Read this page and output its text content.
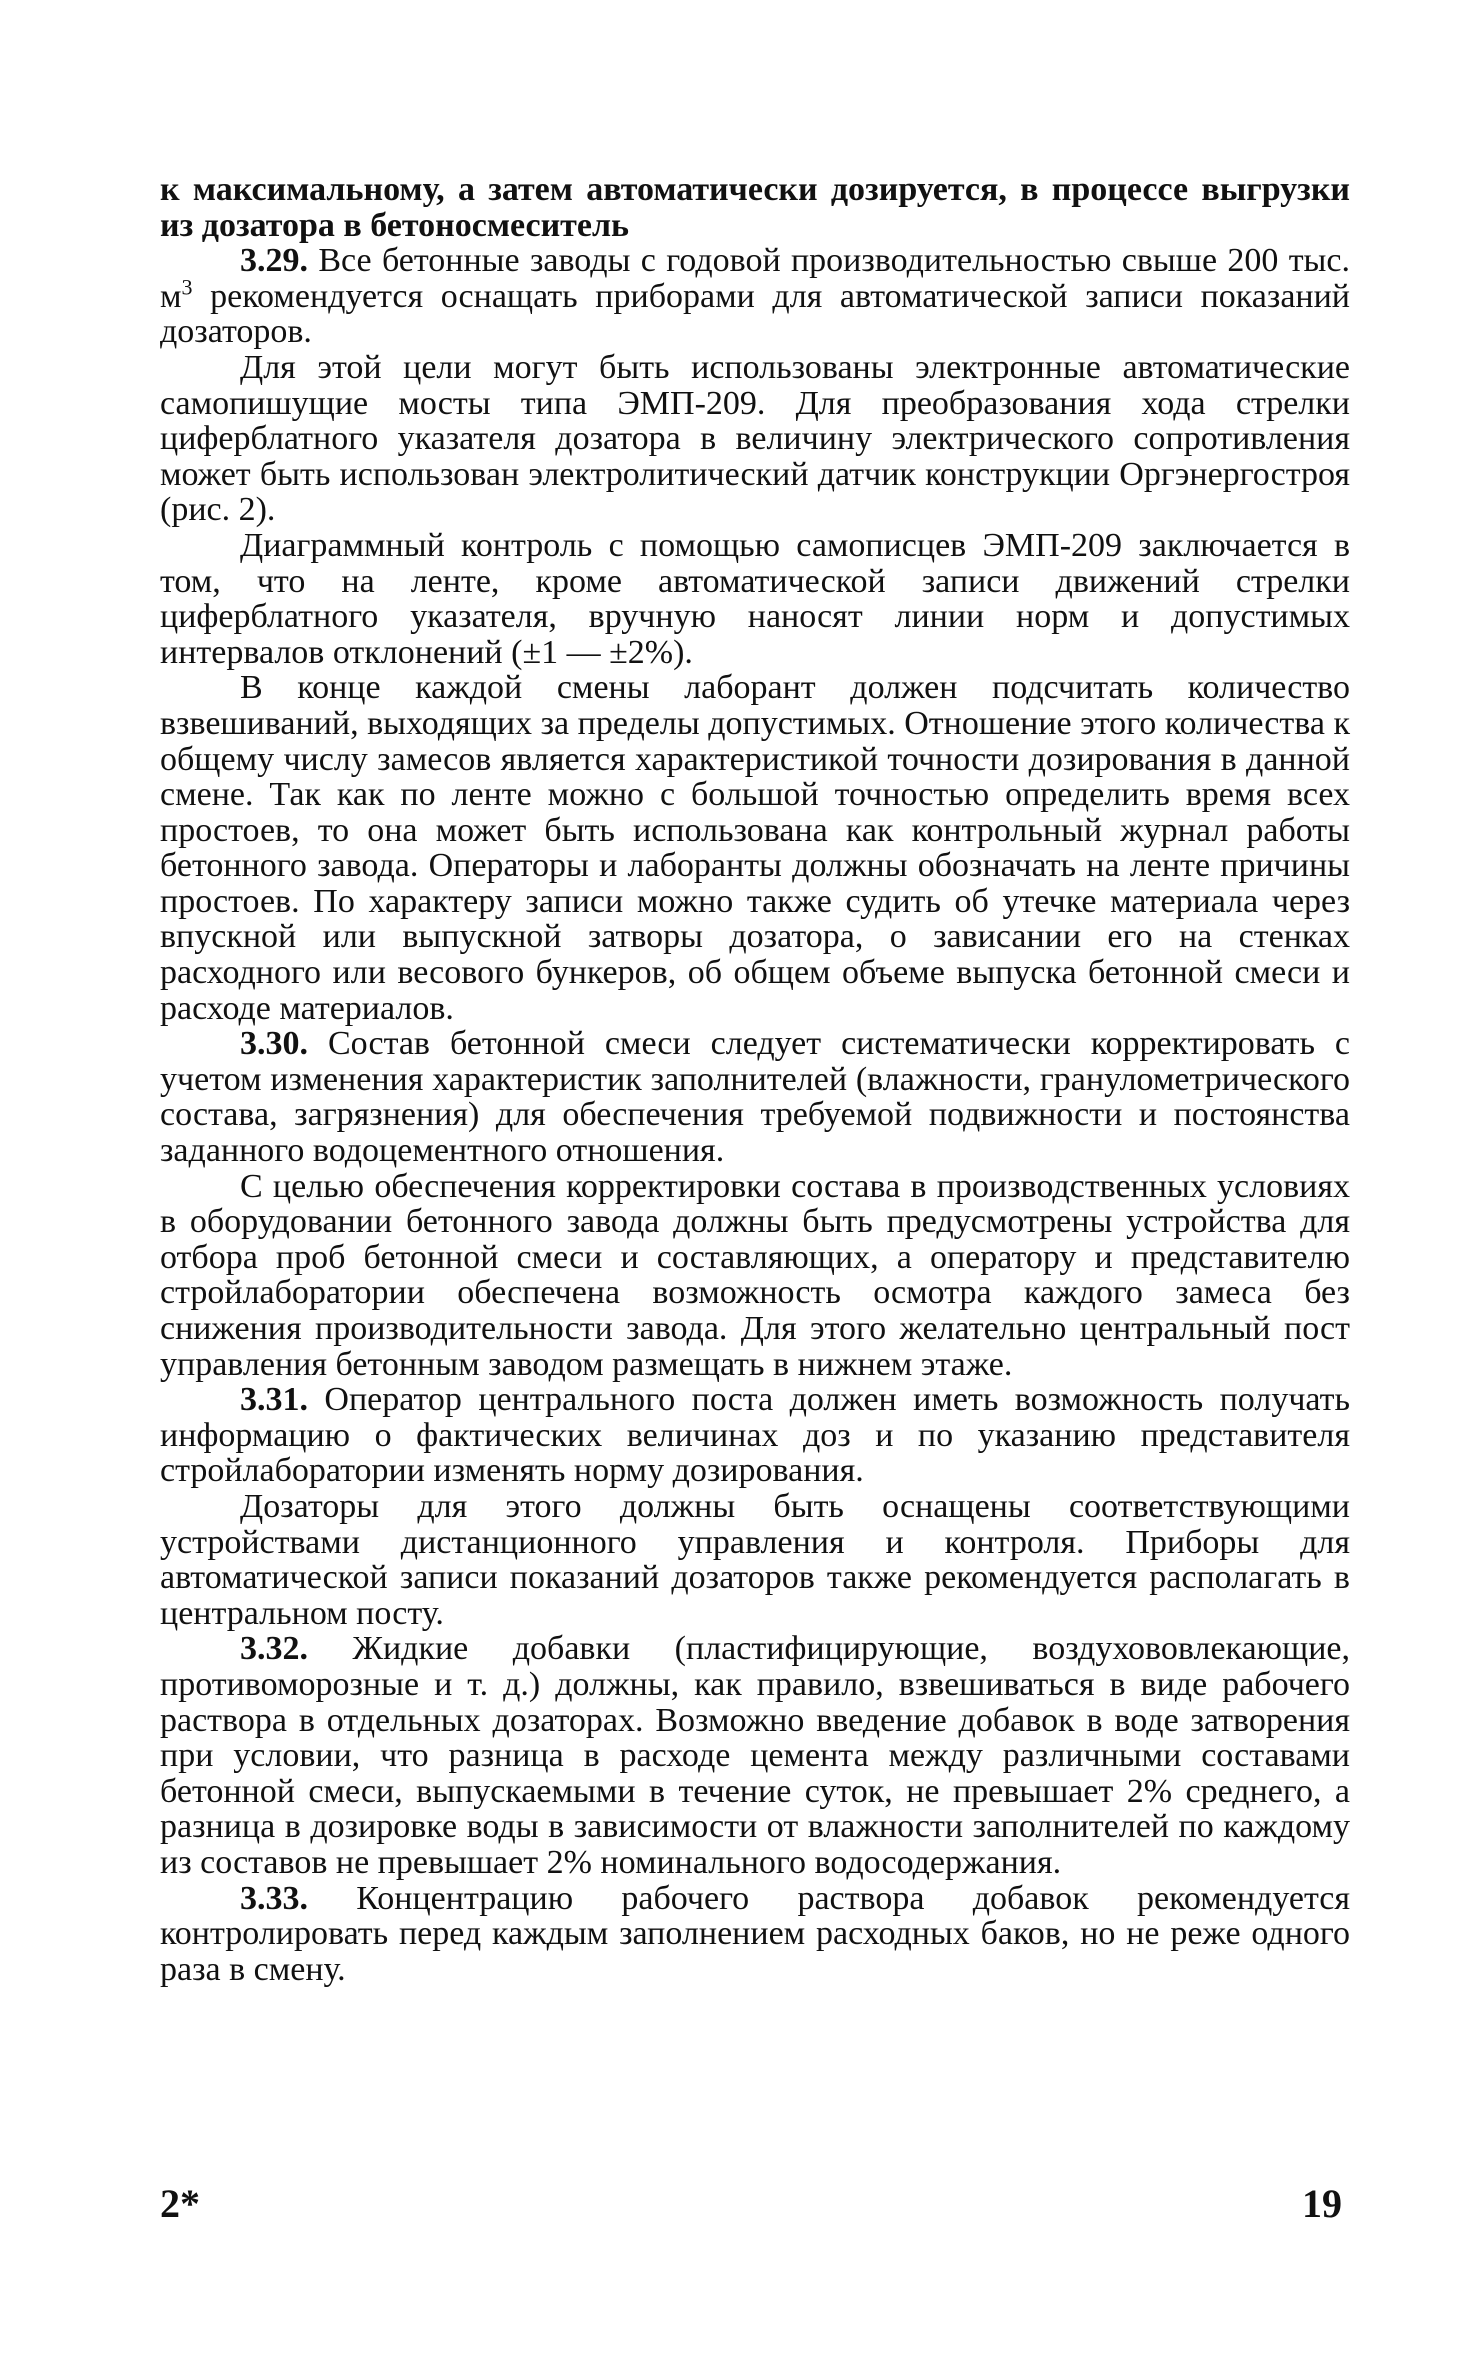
к максимальному, а затем автоматически дозируется, в процессе выгрузки из дозатора в бетоносмеситель

3.29. Все бетонные заводы с годовой производительностью свыше 200 тыс. $м^3$ рекомендуется оснащать приборами для автоматической записи показаний дозаторов.

Для этой цели могут быть использованы электронные автоматические самопишущие мосты типа ЭМП-209. Для преобразования хода стрелки циферблатного указателя дозатора в величину электрического сопротивления может быть использован электролитический датчик конструкции Оргэнергостроя (рис. 2).

Диаграммный контроль с помощью самописцев ЭМП-209 заключается в том, что на ленте, кроме автоматической записи движений стрелки циферблатного указателя, вручную наносят линии норм и допустимых интервалов отклонений (±1 — ±2%).

В конце каждой смены лаборант должен подсчитать количество взвешиваний, выходящих за пределы допустимых. Отношение этого количества к общему числу замесов является характеристикой точности дозирования в данной смене. Так как по ленте можно с большой точностью определить время всех простоев, то она может быть использована как контрольный журнал работы бетонного завода. Операторы и лаборанты должны обозначать на ленте причины простоев. По характеру записи можно также судить об утечке материала через впускной или выпускной затворы дозатора, о зависании его на стенках расходного или весового бункеров, об общем объеме выпуска бетонной смеси и расходе материалов.

3.30. Состав бетонной смеси следует систематически корректировать с учетом изменения характеристик заполнителей (влажности, гранулометрического состава, загрязнения) для обеспечения требуемой подвижности и постоянства заданного водоцементного отношения.

С целью обеспечения корректировки состава в производственных условиях в оборудовании бетонного завода должны быть предусмотрены устройства для отбора проб бетонной смеси и составляющих, а оператору и представителю стройлаборатории обеспечена возможность осмотра каждого замеса без снижения производительности завода. Для этого желательно центральный пост управления бетонным заводом размещать в нижнем этаже.

3.31. Оператор центрального поста должен иметь возможность получать информацию о фактических величинах доз и по указанию представителя стройлаборатории изменять норму дозирования.

Дозаторы для этого должны быть оснащены соответствующими устройствами дистанционного управления и контроля. Приборы для автоматической записи показаний дозаторов также рекомендуется располагать в центральном посту.

3.32. Жидкие добавки (пластифицирующие, воздухововлекающие, противоморозные и т. д.) должны, как правило, взвешиваться в виде рабочего раствора в отдельных дозаторах. Возможно введение добавок в воде затворения при условии, что разница в расходе цемента между различными составами бетонной смеси, выпускаемыми в течение суток, не превышает 2% среднего, а разница в дозировке воды в зависимости от влажности заполнителей по каждому из составов не превышает 2% номинального водосодержания.

3.33. Концентрацию рабочего раствора добавок рекомендуется контролировать перед каждым заполнением расходных баков, но не реже одного раза в смену.

2*	19
